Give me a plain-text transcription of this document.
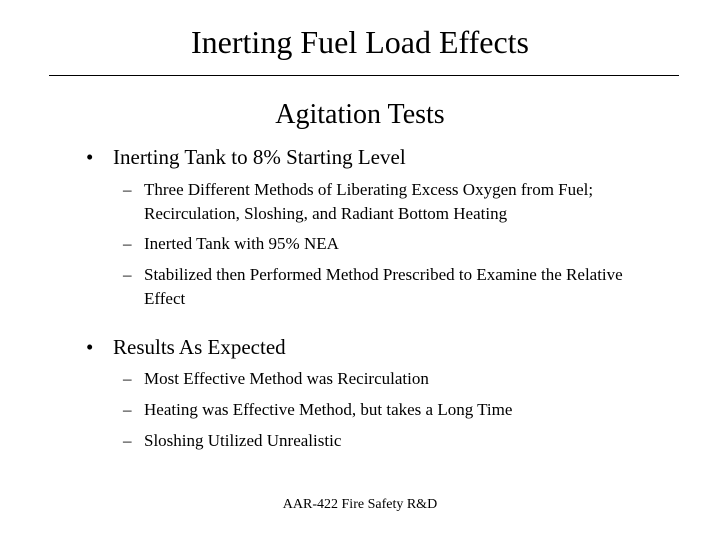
Inerting Fuel Load Effects
Agitation Tests
• Inerting Tank to 8% Starting Level
– Three Different Methods of Liberating Excess Oxygen from Fuel; Recirculation, Sloshing, and Radiant Bottom Heating
– Inerted Tank with 95% NEA
– Stabilized then Performed Method Prescribed to Examine the Relative Effect
• Results As Expected
– Most Effective Method was Recirculation
– Heating was Effective Method, but takes a Long Time
– Sloshing Utilized Unrealistic
AAR-422 Fire Safety R&D
